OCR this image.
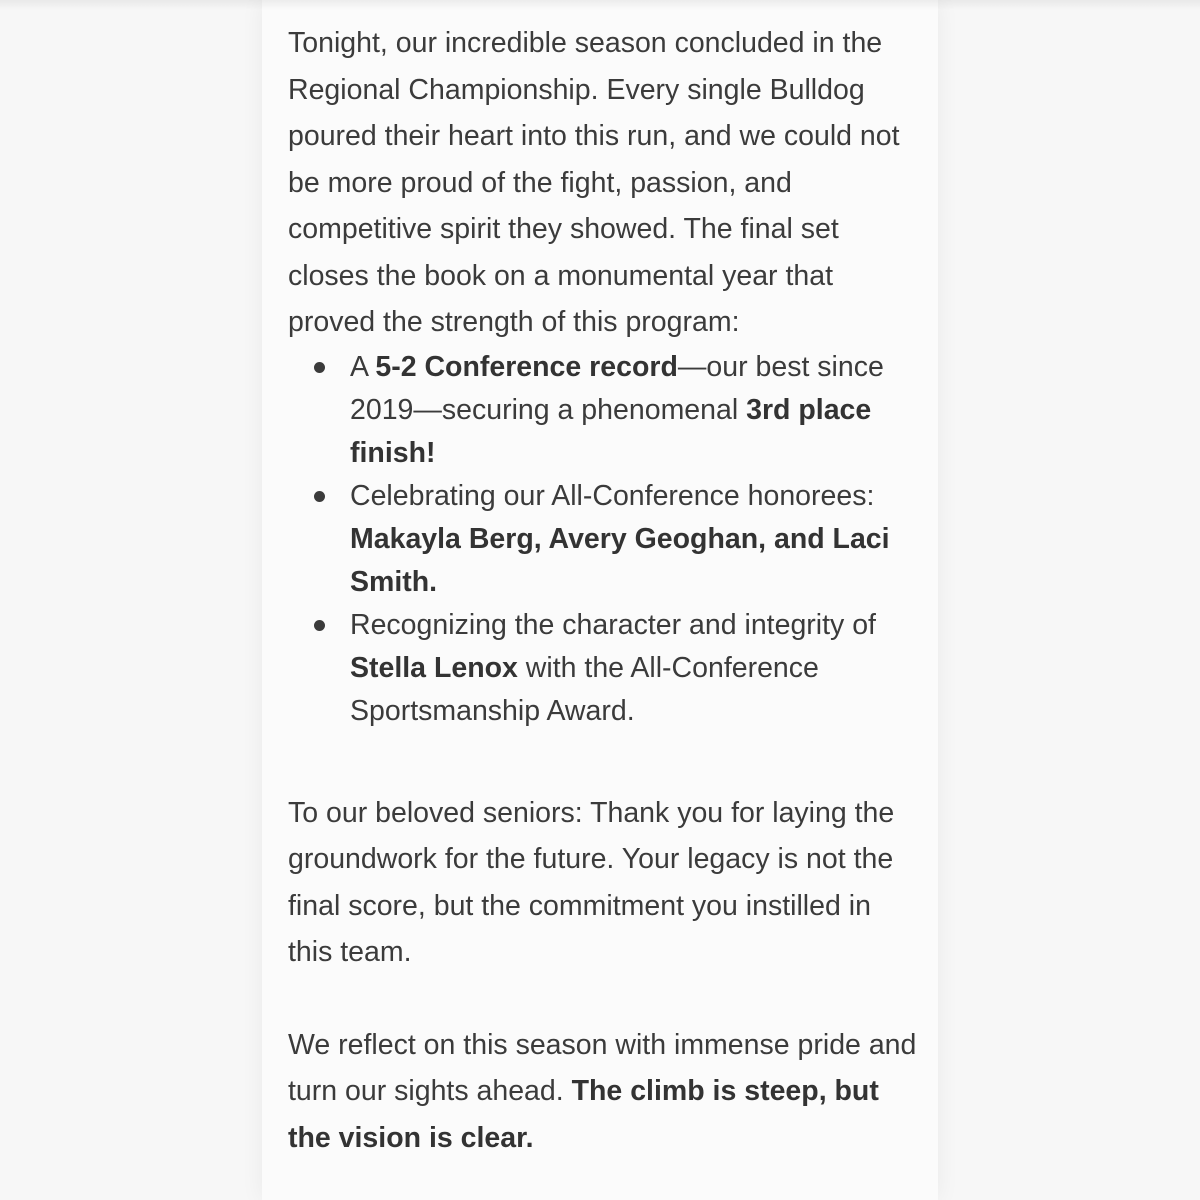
Tonight, our incredible season concluded in the Regional Championship. Every single Bulldog poured their heart into this run, and we could not be more proud of the fight, passion, and competitive spirit they showed. The final set closes the book on a monumental year that proved the strength of this program:

A 5-2 Conference record—our best since 2019—securing a phenomenal 3rd place finish!
Celebrating our All-Conference honorees: Makayla Berg, Avery Geoghan, and Laci Smith.
Recognizing the character and integrity of Stella Lenox with the All-Conference Sportsmanship Award.

To our beloved seniors: Thank you for laying the groundwork for the future. Your legacy is not the final score, but the commitment you instilled in this team.

We reflect on this season with immense pride and turn our sights ahead. The climb is steep, but the vision is clear.
